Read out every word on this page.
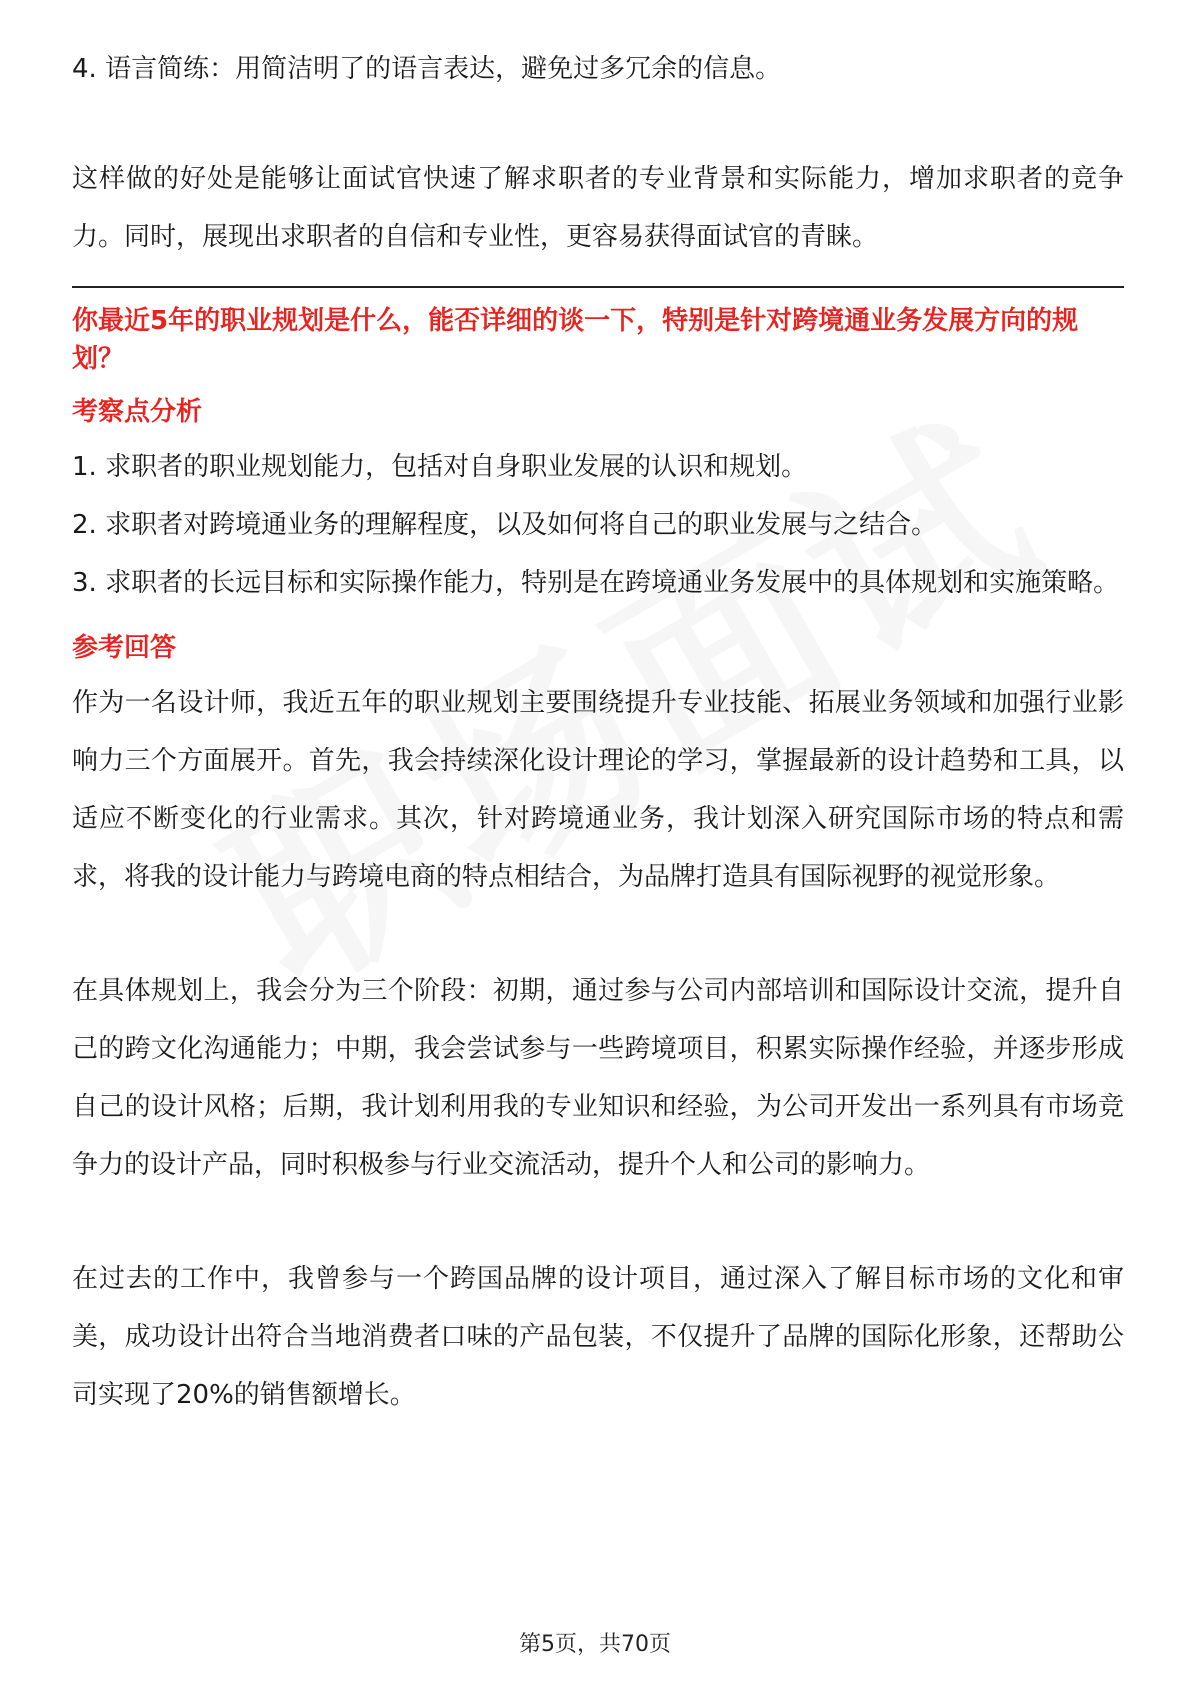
4. 语言简练：用简洁明了的语言表达，避免过多冗余的信息。

这样做的好处是能够让面试官快速了解求职者的专业背景和实际能力，增加求职者的竞争力。同时，展现出求职者的自信和专业性，更容易获得面试官的青睐。

你最近5年的职业规划是什么，能否详细的谈一下，特别是针对跨境通业务发展方向的规划？

考察点分析

1. 求职者的职业规划能力，包括对自身职业发展的认识和规划。

2. 求职者对跨境通业务的理解程度，以及如何将自己的职业发展与之结合。

3. 求职者的长远目标和实际操作能力，特别是在跨境通业务发展中的具体规划和实施策略。

参考回答

作为一名设计师，我近五年的职业规划主要围绕提升专业技能、拓展业务领域和加强行业影响力三个方面展开。首先，我会持续深化设计理论的学习，掌握最新的设计趋势和工具，以适应不断变化的行业需求。其次，针对跨境通业务，我计划深入研究国际市场的特点和需求，将我的设计能力与跨境电商的特点相结合，为品牌打造具有国际视野的视觉形象。

在具体规划上，我会分为三个阶段：初期，通过参与公司内部培训和国际设计交流，提升自己的跨文化沟通能力；中期，我会尝试参与一些跨境项目，积累实际操作经验，并逐步形成自己的设计风格；后期，我计划利用我的专业知识和经验，为公司开发出一系列具有市场竞争力的设计产品，同时积极参与行业交流活动，提升个人和公司的影响力。

在过去的工作中，我曾参与一个跨国品牌的设计项目，通过深入了解目标市场的文化和审美，成功设计出符合当地消费者口味的产品包装，不仅提升了品牌的国际化形象，还帮助公司实现了20%的销售额增长。

第5页，共70页
